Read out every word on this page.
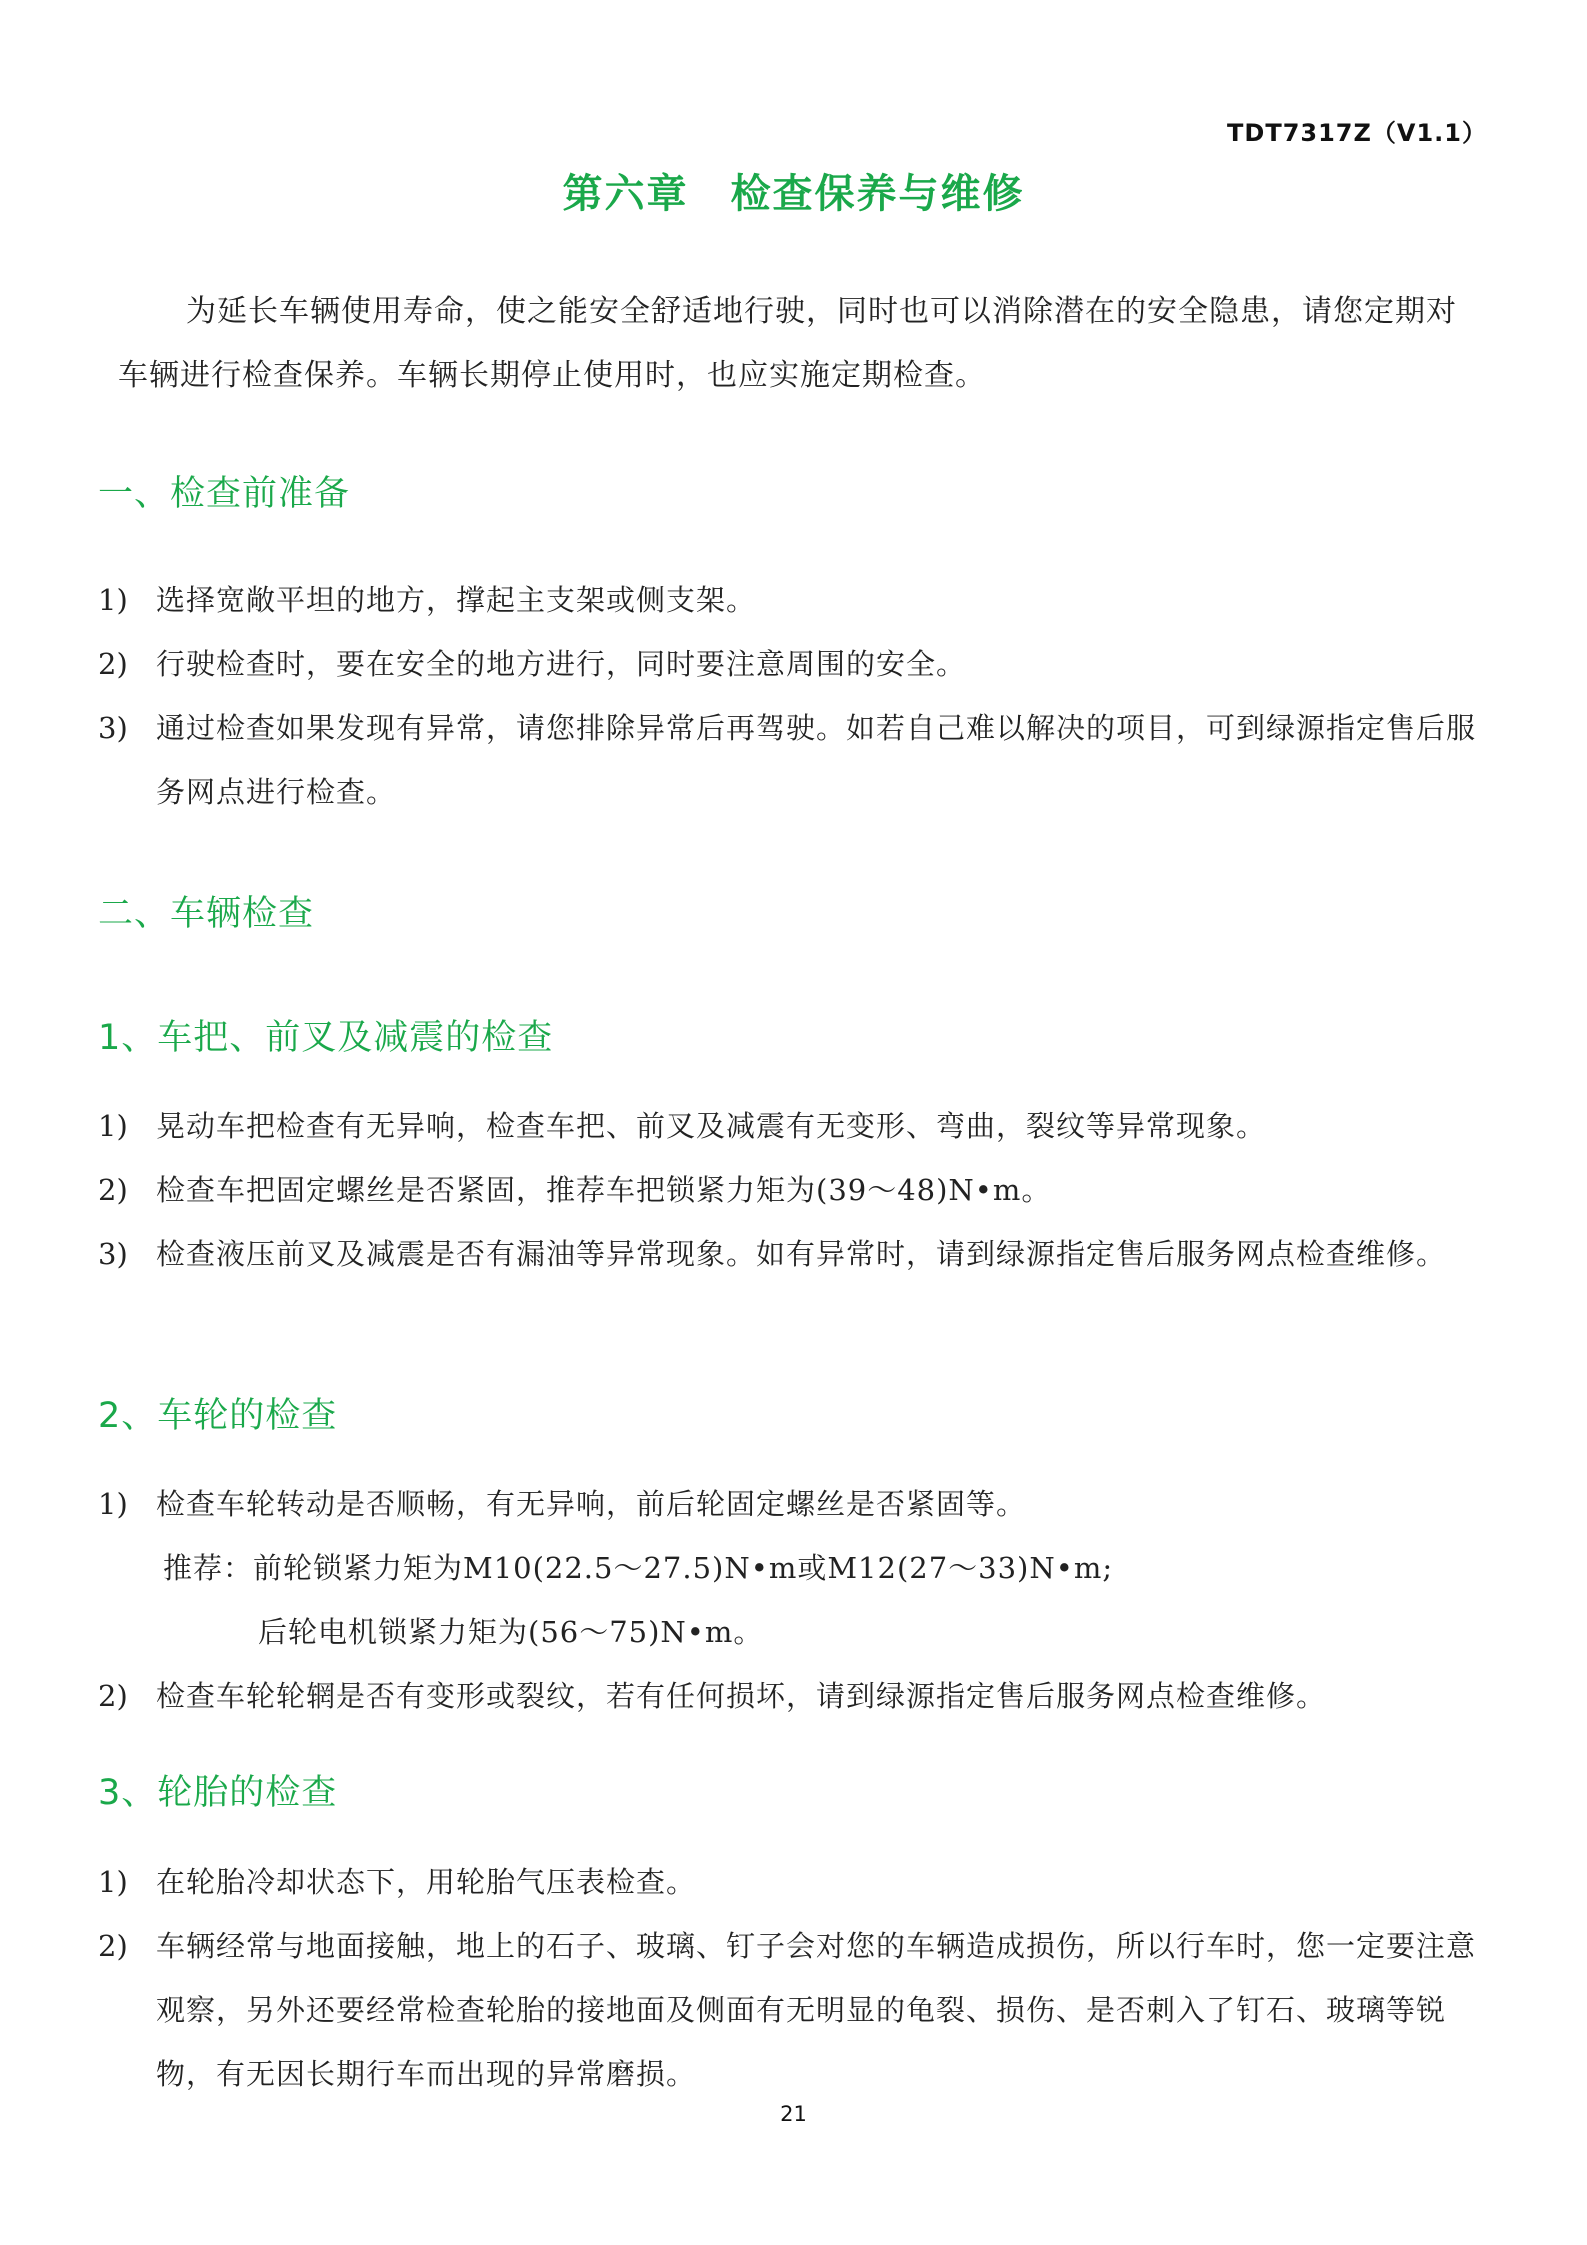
TDT7317Z（V1.1）
第六章　检查保养与维修
为延长车辆使用寿命，使之能安全舒适地行驶，同时也可以消除潜在的安全隐患，请您定期对车辆进行检查保养。车辆长期停止使用时，也应实施定期检查。
一、检查前准备
1) 选择宽敞平坦的地方，撑起主支架或侧支架。
2) 行驶检查时，要在安全的地方进行，同时要注意周围的安全。
3) 通过检查如果发现有异常，请您排除异常后再驾驶。如若自己难以解决的项目，可到绿源指定售后服务网点进行检查。
二、车辆检查
1、车把、前叉及减震的检查
1) 晃动车把检查有无异响，检查车把、前叉及减震有无变形、弯曲，裂纹等异常现象。
2) 检查车把固定螺丝是否紧固，推荐车把锁紧力矩为(39～48)N•m。
3) 检查液压前叉及减震是否有漏油等异常现象。如有异常时，请到绿源指定售后服务网点检查维修。
2、车轮的检查
1) 检查车轮转动是否顺畅，有无异响，前后轮固定螺丝是否紧固等。
推荐：前轮锁紧力矩为M10(22.5～27.5)N•m或M12(27～33)N•m;
后轮电机锁紧力矩为(56～75)N•m。
2) 检查车轮轮辋是否有变形或裂纹，若有任何损坏，请到绿源指定售后服务网点检查维修。
3、轮胎的检查
1) 在轮胎冷却状态下，用轮胎气压表检查。
2) 车辆经常与地面接触，地上的石子、玻璃、钉子会对您的车辆造成损伤，所以行车时，您一定要注意观察，另外还要经常检查轮胎的接地面及侧面有无明显的龟裂、损伤、是否刺入了钉石、玻璃等锐物，有无因长期行车而出现的异常磨损。
21
